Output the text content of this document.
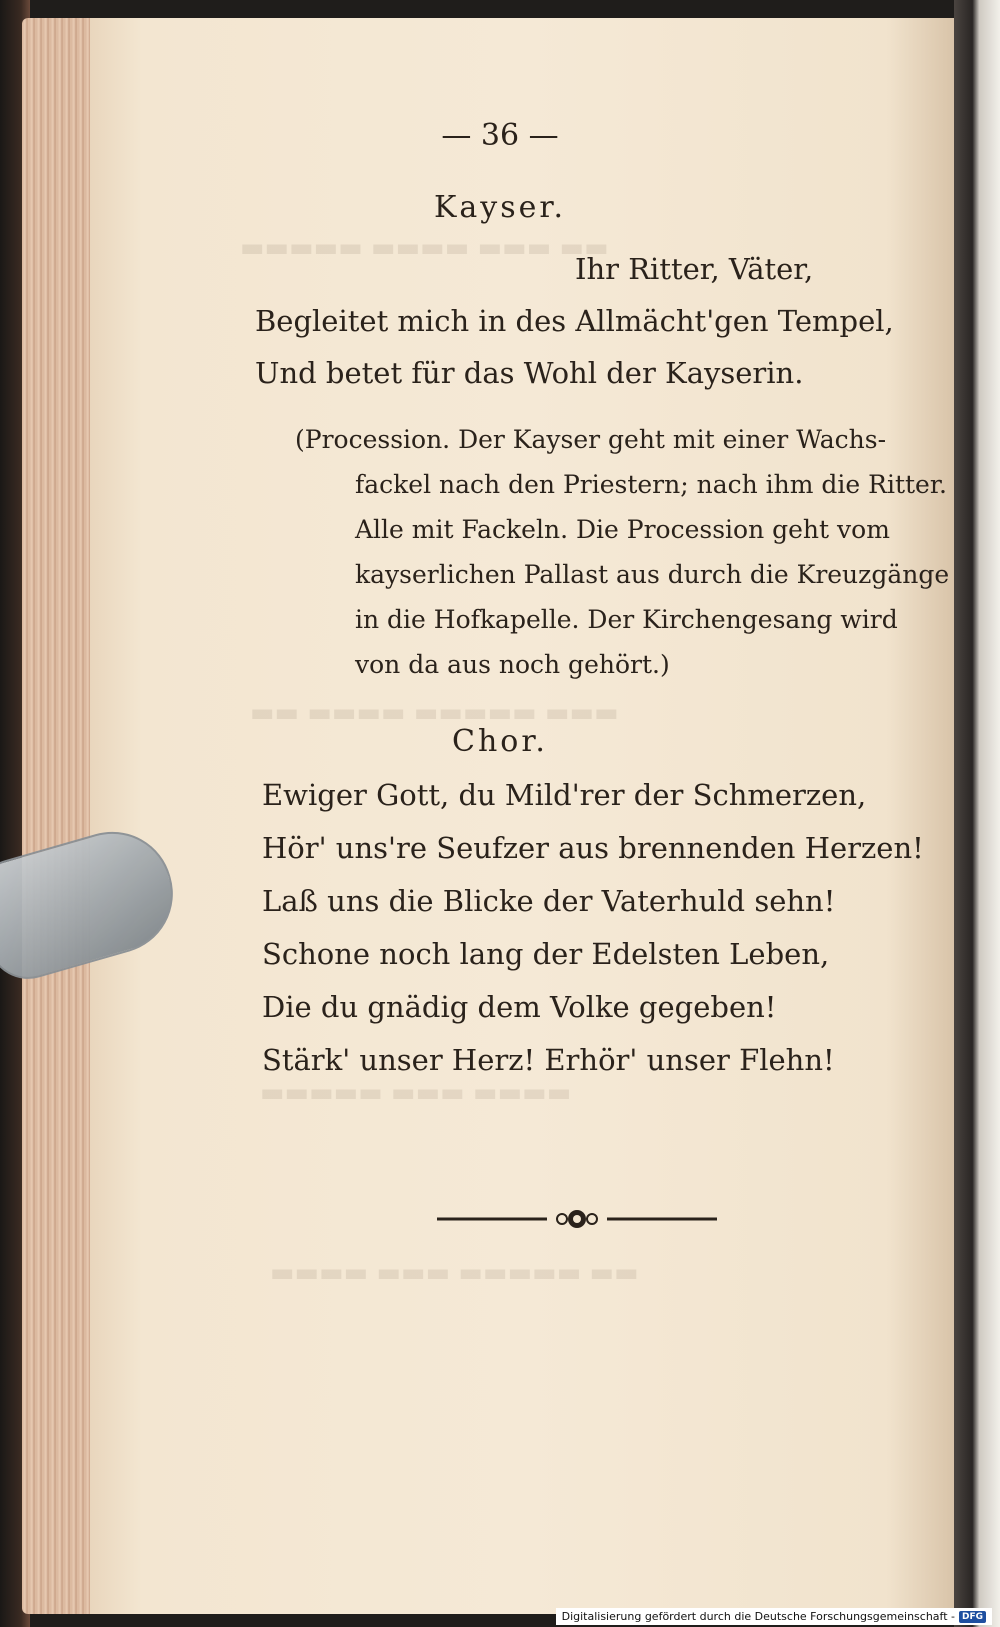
▬▬ ▬▬▬ ▬▬▬▬ ▬▬▬▬▬
▬▬▬ ▬▬▬▬▬ ▬▬▬▬ ▬▬
▬▬▬▬ ▬▬▬ ▬▬▬▬▬
▬▬ ▬▬▬▬▬ ▬▬▬ ▬▬▬▬
— 36 —
Kayser.
Ihr Ritter, Väter,
Begleitet mich in des Allmächt'gen Tempel,
Und betet für das Wohl der Kayserin.
(Procession. Der Kayser geht mit einer Wachs-
fackel nach den Priestern; nach ihm die Ritter.
Alle mit Fackeln. Die Procession geht vom
kayserlichen Pallast aus durch die Kreuzgänge
in die Hofkapelle. Der Kirchengesang wird
von da aus noch gehört.)
Chor.
Ewiger Gott, du Mild'rer der Schmerzen,
Hör' uns're Seufzer aus brennenden Herzen!
Laß uns die Blicke der Vaterhuld sehn!
Schone noch lang der Edelsten Leben,
Die du gnädig dem Volke gegeben!
Stärk' unser Herz! Erhör' unser Flehn!
Digitalisierung gefördert durch die Deutsche Forschungsgemeinschaft - DFG
